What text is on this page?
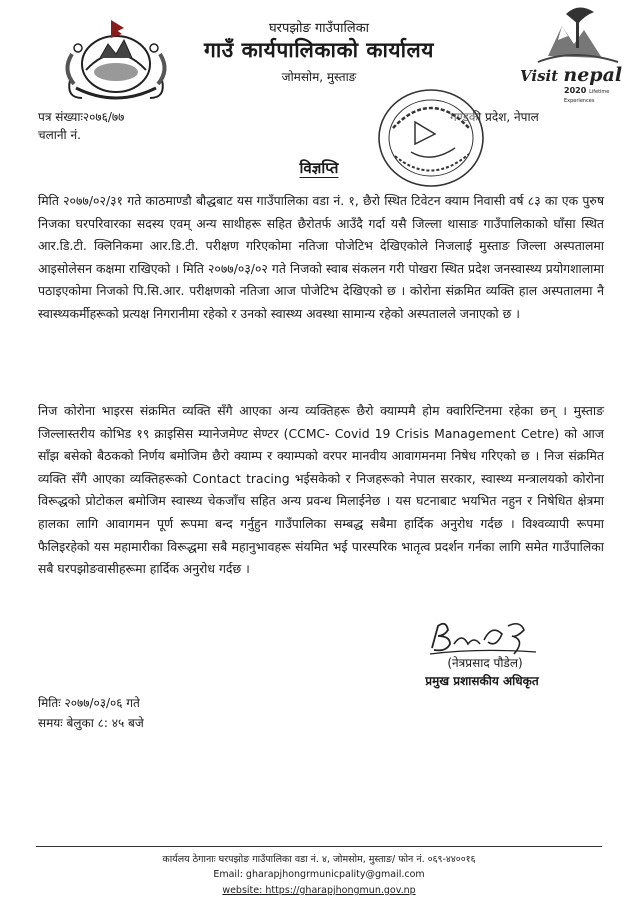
Visit nepal
2020 Lifetime Experiences
घरपझोङ गाउँपालिका
गाउँ कार्यपालिकाको कार्यालय
जोमसोम, मुस्ताङ
पत्र संख्याः२०७६/७७
चलानी नं.
गण्डकी प्रदेश, नेपाल
विज्ञप्ति

मिति २०७७/०२/३१ गते काठमाण्डौ बौद्धबाट यस गाउँपालिका वडा नं. १, छैरो स्थित टिवेटन क्याम निवासी वर्ष ८३ का एक पुरुष निजका घरपरिवारका सदस्य एवम् अन्य साथीहरू सहित छैरोतर्फ आउँदै गर्दा यसै जिल्ला थासाङ गाउँपालिकाको घाँसा स्थित आर.डि.टी. क्लिनिकमा आर.डि.टी. परीक्षण गरिएकोमा नतिजा पोजेटिभ देखिएकोले निजलाई मुस्ताङ जिल्ला अस्पतालमा आइसोलेसन कक्षमा राखिएको । मिति २०७७/०३/०२ गते निजको स्वाब संकलन गरी पोखरा स्थित प्रदेश जनस्वास्थ्य प्रयोगशालामा पठाइएकोमा निजको पि.सि.आर. परीक्षणको नतिजा आज पोजेटिभ देखिएको छ । कोरोना संक्रमित व्यक्ति हाल अस्पतालमा नै स्वास्थ्यकर्मीहरूको प्रत्यक्ष निगरानीमा रहेको र उनको स्वास्थ्य अवस्था सामान्य रहेको अस्पतालले जनाएको छ ।

निज कोरोना भाइरस संक्रमित व्यक्ति सँगै आएका अन्य व्यक्तिहरू छैरो क्याम्पमै होम क्वारिन्टिनमा रहेका छन् । मुस्ताङ जिल्लास्तरीय कोभिड १९ क्राइसिस म्यानेजमेण्ट सेण्टर (CCMC- Covid 19 Crisis Management Cetre) को आज साँझ बसेको बैठकको निर्णय बमोजिम छैरो क्याम्प र क्याम्पको वरपर मानवीय आवागमनमा निषेध गरिएको छ । निज संक्रमित व्यक्ति सँगै आएका व्यक्तिहरूको Contact tracing भईसकेको र निजहरूको नेपाल सरकार, स्वास्थ्य मन्त्रालयको कोरोना विरूद्धको प्रोटोकल बमोजिम स्वास्थ्य चेकजाँच सहित अन्य प्रवन्ध मिलाईनेछ । यस घटनाबाट भयभित नहुन र निषेधित क्षेत्रमा हालका लागि आवागमन पूर्ण रूपमा बन्द गर्नुहुन गाउँपालिका सम्बद्ध सबैमा हार्दिक अनुरोध गर्दछ । विश्वव्यापी रूपमा फैलिइरहेको यस महामारीका विरूद्धमा सबै महानुभावहरू संयमित भई पारस्परिक भातृत्व प्रदर्शन गर्नका लागि समेत गाउँपालिका सबै घरपझोङवासीहरूमा हार्दिक अनुरोध गर्दछ ।

(नेत्रप्रसाद पौडेल)
प्रमुख प्रशासकीय अधिकृत
मितिः २०७७/०३/०६ गते
समयः बेलुका ८: ४५ बजे
कार्यलय ठेगानाः घरपझोङ गाउँपालिका वडा नं. ४, जोमसोम, मुस्ताङ/ फोन नं. ०६९-४४००१६
Email: gharapjhongrmunicpality@gmail.com
website: https://gharapjhongmun.gov.np
